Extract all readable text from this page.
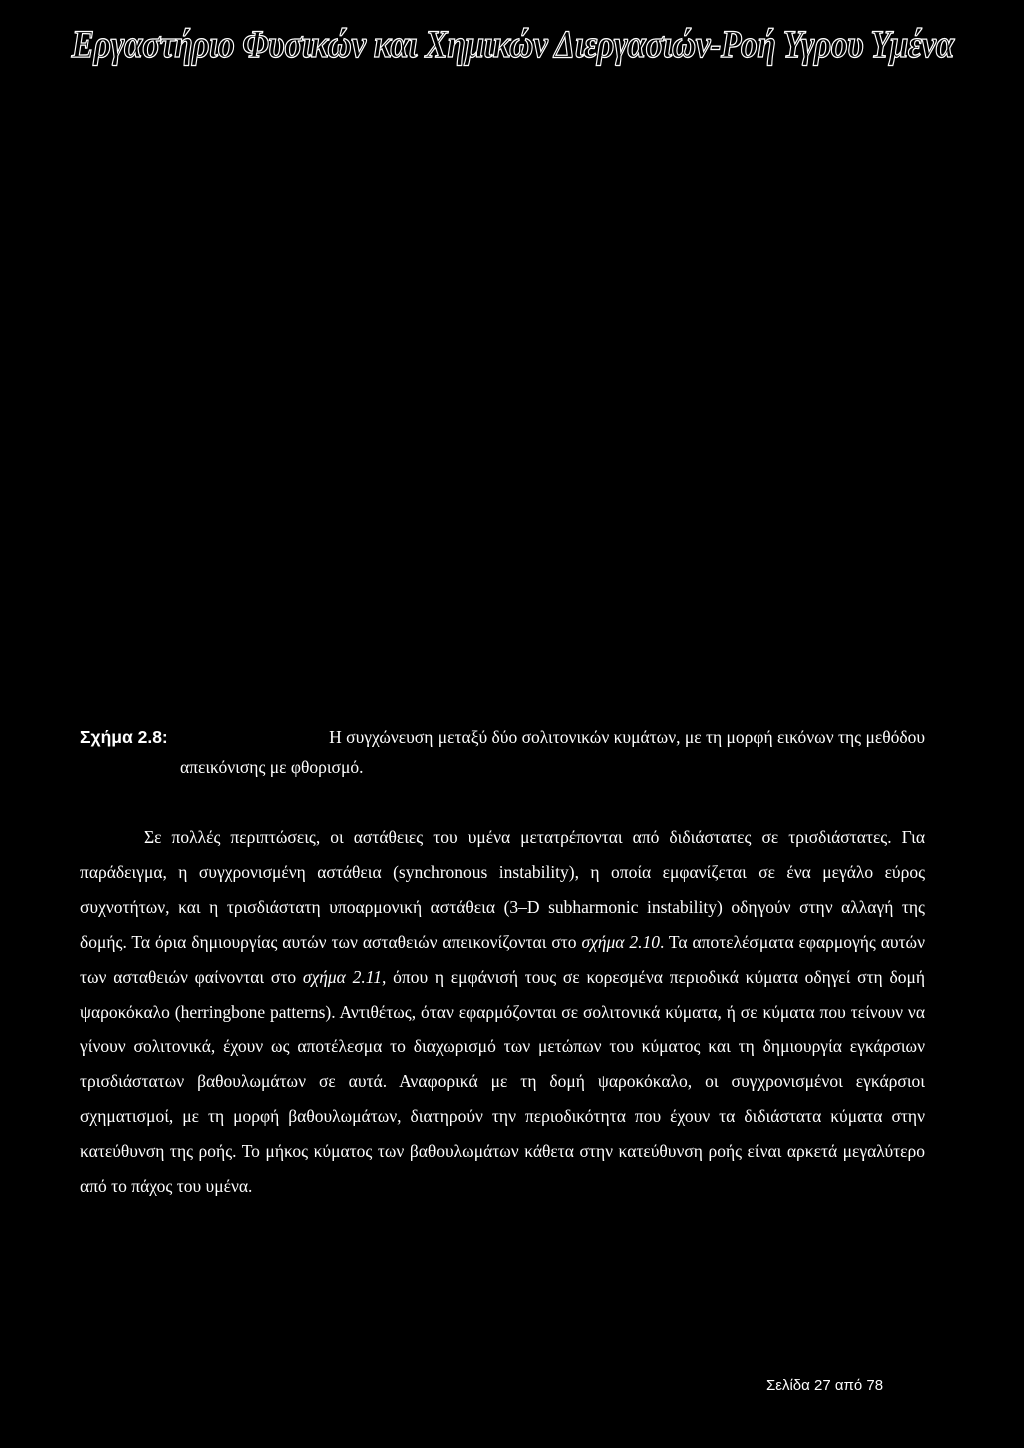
Εργαστήριο Φυσικών και Χημικών Διεργασιών-Ροή Υγρου Υμένα
Σχήμα 2.8:	Η συγχώνευση μεταξύ δύο σολιτονικών κυμάτων, με τη μορφή εικόνων της μεθόδου
απεικόνισης με φθορισμό.

Σε πολλές περιπτώσεις, οι αστάθειες του υμένα μετατρέπονται από διδιάστατες σε τρισδιάστατες. Για παράδειγμα, η συγχρονισμένη αστάθεια (synchronous instability), η οποία εμφανίζεται σε ένα μεγάλο εύρος συχνοτήτων, και η τρισδιάστατη υποαρμονική αστάθεια (3–D subharmonic instability) οδηγούν στην αλλαγή της δομής. Τα όρια δημιουργίας αυτών των ασταθειών απεικονίζονται στο σχήμα 2.10. Τα αποτελέσματα εφαρμογής αυτών των ασταθειών φαίνονται στο σχήμα 2.11, όπου η εμφάνισή τους σε κορεσμένα περιοδικά κύματα οδηγεί στη δομή ψαροκόκαλο (herringbone patterns). Αντιθέτως, όταν εφαρμόζονται σε σολιτονικά κύματα, ή σε κύματα που τείνουν να γίνουν σολιτονικά, έχουν ως αποτέλεσμα το διαχωρισμό των μετώπων του κύματος και τη δημιουργία εγκάρσιων τρισδιάστατων βαθουλωμάτων σε αυτά. Αναφορικά με τη δομή ψαροκόκαλο, οι συγχρονισμένοι εγκάρσιοι σχηματισμοί, με τη μορφή βαθουλωμάτων, διατηρούν την περιοδικότητα που έχουν τα διδιάστατα κύματα στην κατεύθυνση της ροής. Το μήκος κύματος των βαθουλωμάτων κάθετα στην κατεύθυνση ροής είναι αρκετά μεγαλύτερο από το πάχος του υμένα.

Σελίδα 27 από 78
